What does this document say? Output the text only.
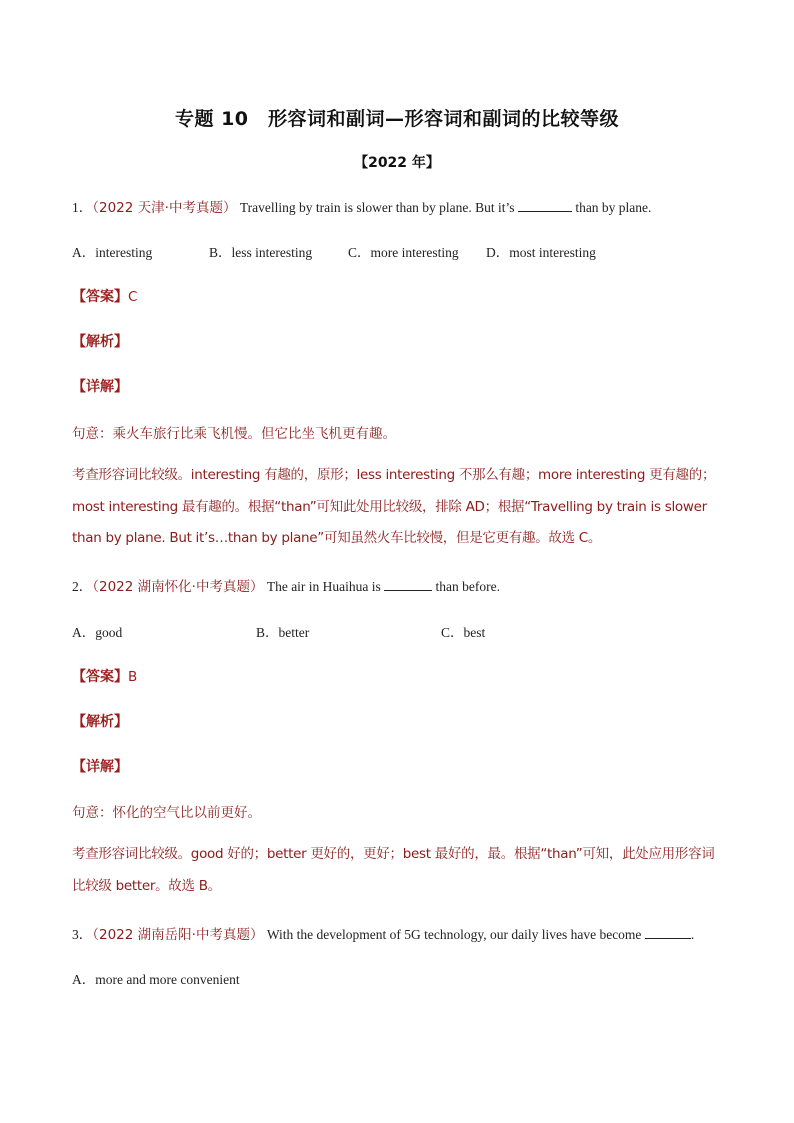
专题 10　形容词和副词—形容词和副词的比较等级
【2022 年】
1．（2022 天津·中考真题） Travelling by train is slower than by plane. But it’s	than by plane.
A．interesting	B．less interesting	C．more interesting D．most interesting
【答案】C
【解析】
【详解】
句意：乘火车旅行比乘飞机慢。但它比坐飞机更有趣。
考查形容词比较级。interesting 有趣的，原形；less interesting 不那么有趣；more interesting 更有趣的；most interesting 最有趣的。根据“than”可知此处用比较级，排除 AD；根据“Travelling by train is slower than by plane. But it’s…than by plane”可知虽然火车比较慢，但是它更有趣。故选 C。
2．（2022 湖南怀化·中考真题） The air in Huaihua is	than before.
A．good	B．better	C．best
【答案】B
【解析】
【详解】
句意：怀化的空气比以前更好。
考查形容词比较级。good 好的；better 更好的，更好；best 最好的，最。根据“than”可知，此处应用形容词比较级 better。故选 B。
3．（2022 湖南岳阳·中考真题） With the development of 5G technology, our daily lives have become	.
A．more and more convenient
